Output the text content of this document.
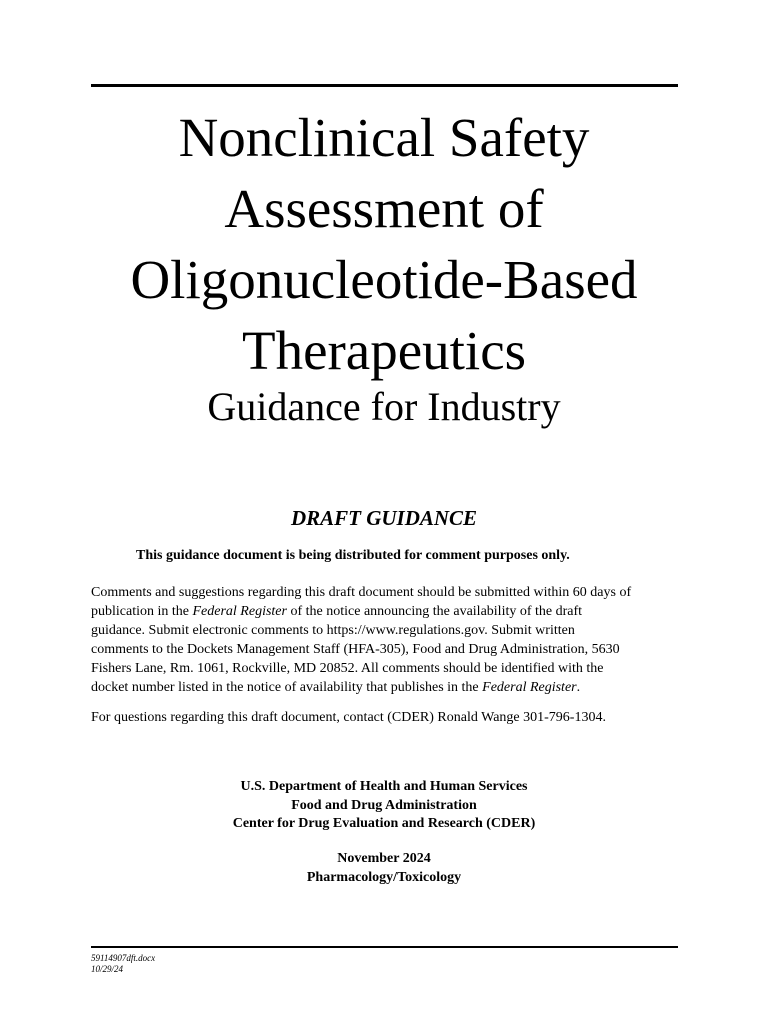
Nonclinical Safety
Assessment of
Oligonucleotide-Based
Therapeutics
Guidance for Industry
DRAFT GUIDANCE
This guidance document is being distributed for comment purposes only.
Comments and suggestions regarding this draft document should be submitted within 60 days of
publication in the Federal Register of the notice announcing the availability of the draft
guidance. Submit electronic comments to https://www.regulations.gov. Submit written
comments to the Dockets Management Staff (HFA-305), Food and Drug Administration, 5630
Fishers Lane, Rm. 1061, Rockville, MD 20852. All comments should be identified with the
docket number listed in the notice of availability that publishes in the Federal Register.
For questions regarding this draft document, contact (CDER) Ronald Wange 301-796-1304.
U.S. Department of Health and Human Services
Food and Drug Administration
Center for Drug Evaluation and Research (CDER)
November 2024
Pharmacology/Toxicology
59114907dft.docx
10/29/24
